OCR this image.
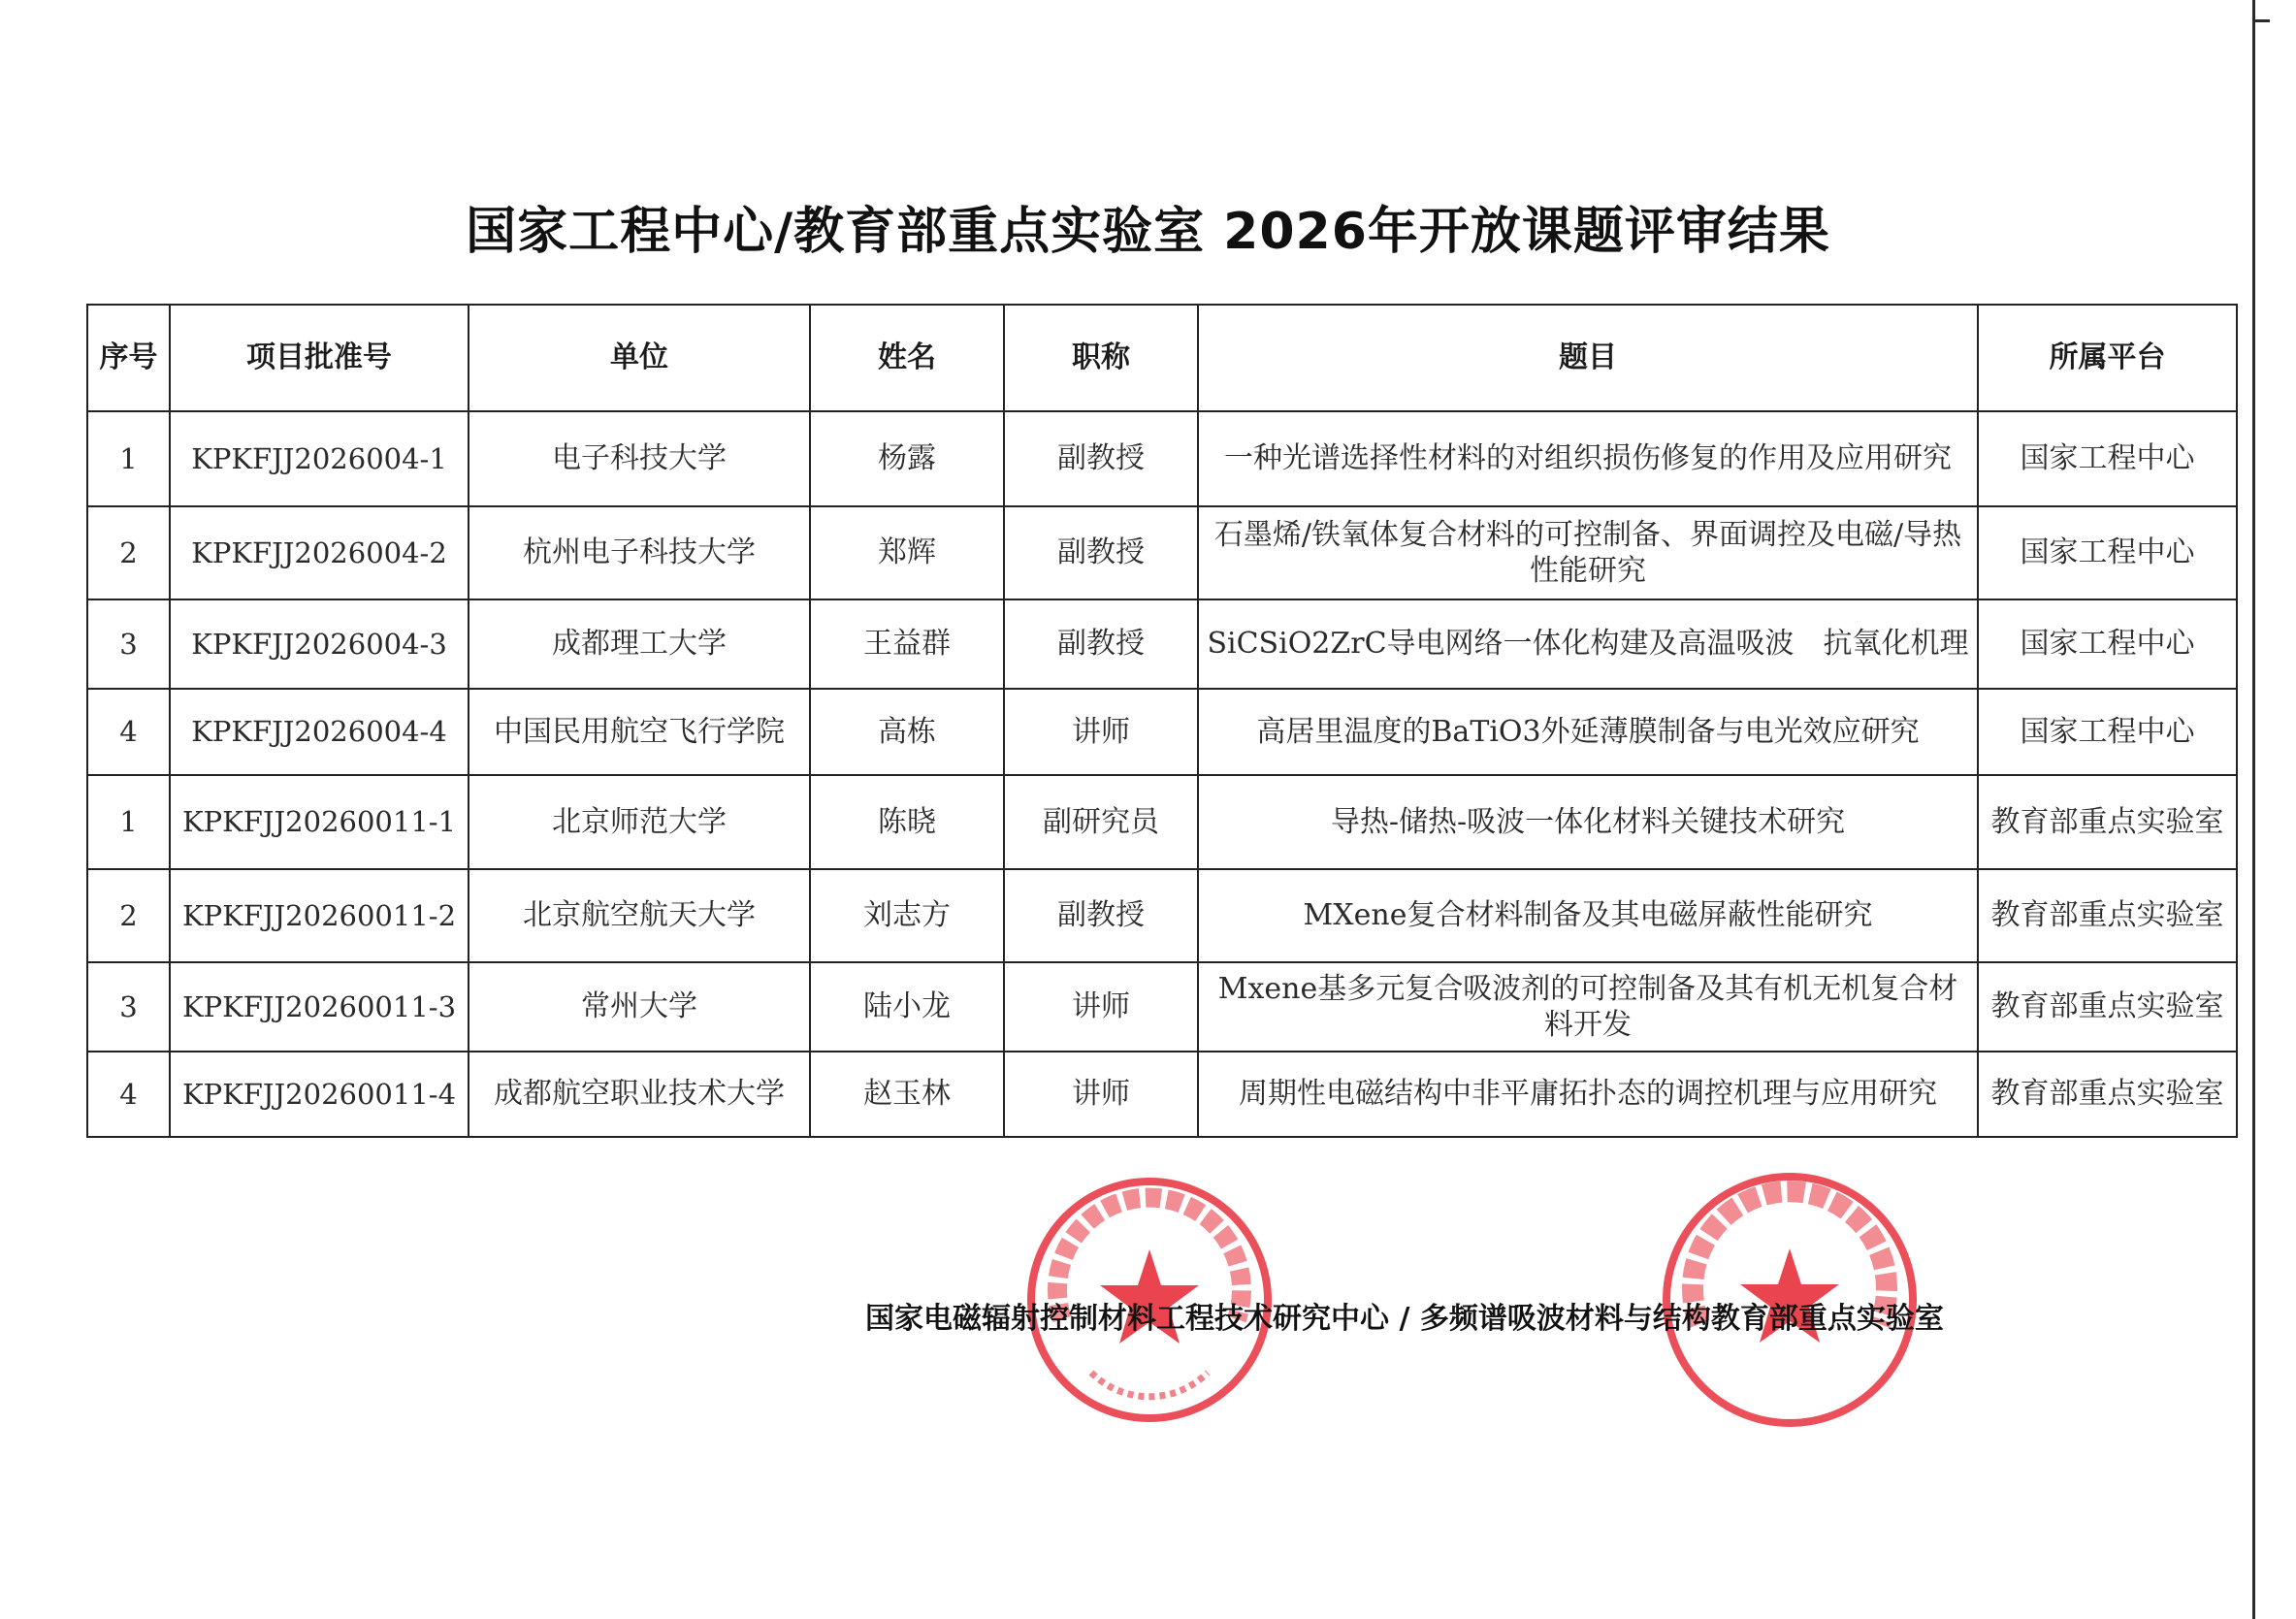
国家工程中心/教育部重点实验室 2026年开放课题评审结果
序号	项目批准号	单位	姓名	职称	题目	所属平台
1	KPKFJJ2026004-1	电子科技大学	杨露	副教授	一种光谱选择性材料的对组织损伤修复的作用及应用研究	国家工程中心
2	KPKFJJ2026004-2	杭州电子科技大学	郑辉	副教授	石墨烯/铁氧体复合材料的可控制备、界面调控及电磁/导热性能研究	国家工程中心
3	KPKFJJ2026004-3	成都理工大学	王益群	副教授	SiCSiO2ZrC导电网络一体化构建及高温吸波　抗氧化机理	国家工程中心
4	KPKFJJ2026004-4	中国民用航空飞行学院	高栋	讲师	高居里温度的BaTiO3外延薄膜制备与电光效应研究	国家工程中心
1	KPKFJJ20260011-1	北京师范大学	陈晓	副研究员	导热-储热-吸波一体化材料关键技术研究	教育部重点实验室
2	KPKFJJ20260011-2	北京航空航天大学	刘志方	副教授	MXene复合材料制备及其电磁屏蔽性能研究	教育部重点实验室
3	KPKFJJ20260011-3	常州大学	陆小龙	讲师	Mxene基多元复合吸波剂的可控制备及其有机无机复合材料开发	教育部重点实验室
4	KPKFJJ20260011-4	成都航空职业技术大学	赵玉林	讲师	周期性电磁结构中非平庸拓扑态的调控机理与应用研究	教育部重点实验室
国家电磁辐射控制材料工程技术研究中心 / 多频谱吸波材料与结构教育部重点实验室
